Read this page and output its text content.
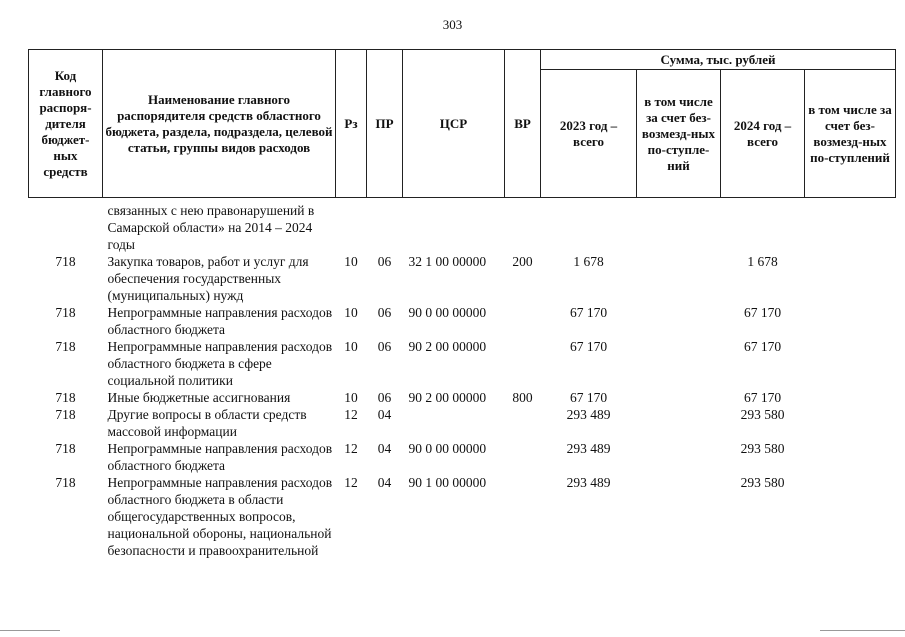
303
Код главного распоря-дителя бюджет-ных средств	Наименование главного распорядителя средств областного бюджета, раздела, подраздела, целевой статьи, группы видов расходов	Рз	ПР	ЦСР	ВР	Сумма, тыс. рублей			
						2023 год – всего	в том числе за счет без-возмезд-ных по-ступле-ний	2024 год – всего	в том числе за счет без-возмезд-ных по-ступлений
	связанных с нею правонарушений в Самарской области» на 2014 – 2024 годы								
718	Закупка товаров, работ и услуг для обеспечения государственных (муниципальных) нужд	10	06	32 1 00 00000	200	1 678		1 678	
718	Непрограммные направления расходов областного бюджета	10	06	90 0 00 00000		67 170		67 170	
718	Непрограммные направления расходов областного бюджета в сфере социальной политики	10	06	90 2 00 00000		67 170		67 170	
718	Иные бюджетные ассигнования	10	06	90 2 00 00000	800	67 170		67 170	
718	Другие вопросы в области средств массовой информации	12	04			293 489		293 580	
718	Непрограммные направления расходов областного бюджета	12	04	90 0 00 00000		293 489		293 580	
718	Непрограммные направления расходов областного бюджета в области общегосударственных вопросов, национальной обороны, национальной безопасности и правоохранительной	12	04	90 1 00 00000		293 489		293 580	
